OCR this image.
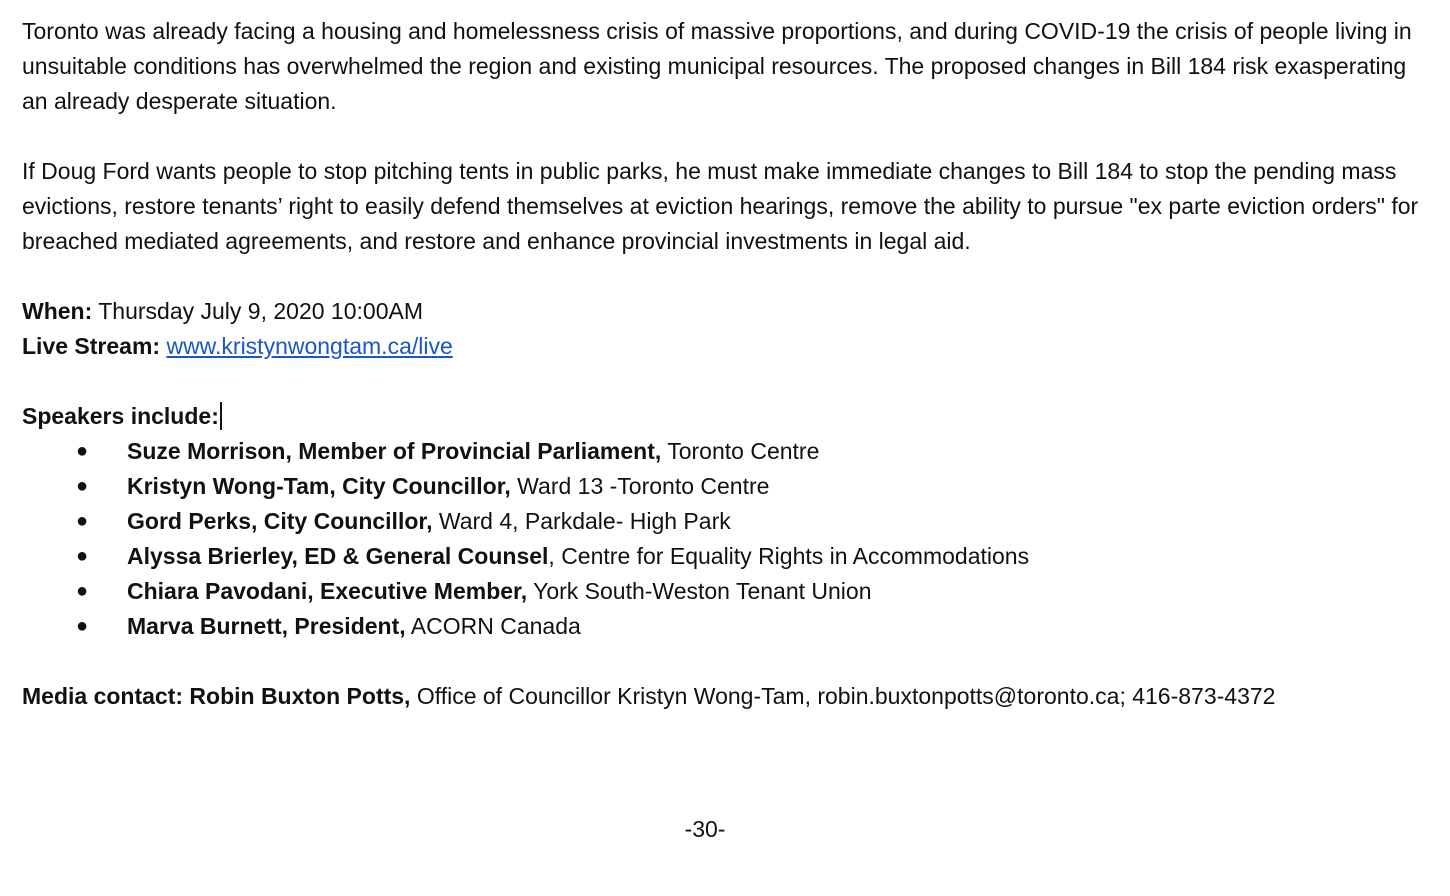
Toronto was already facing a housing and homelessness crisis of massive proportions, and during COVID-19 the crisis of people living in unsuitable conditions has overwhelmed the region and existing municipal resources. The proposed changes in Bill 184 risk exasperating an already desperate situation.

If Doug Ford wants people to stop pitching tents in public parks, he must make immediate changes to Bill 184 to stop the pending mass evictions, restore tenants’ right to easily defend themselves at eviction hearings, remove the ability to pursue "ex parte eviction orders" for breached mediated agreements, and restore and enhance provincial investments in legal aid.

When: Thursday July 9, 2020 10:00AM

Live Stream: www.kristynwongtam.ca/live

Speakers include:

● Suze Morrison, Member of Provincial Parliament, Toronto Centre
● Kristyn Wong-Tam, City Councillor, Ward 13 -Toronto Centre
● Gord Perks, City Councillor, Ward 4, Parkdale- High Park
● Alyssa Brierley, ED & General Counsel, Centre for Equality Rights in Accommodations
● Chiara Pavodani, Executive Member, York South-Weston Tenant Union
● Marva Burnett, President, ACORN Canada

Media contact: Robin Buxton Potts, Office of Councillor Kristyn Wong-Tam, robin.buxtonpotts@toronto.ca; 416-873-4372

-30-
